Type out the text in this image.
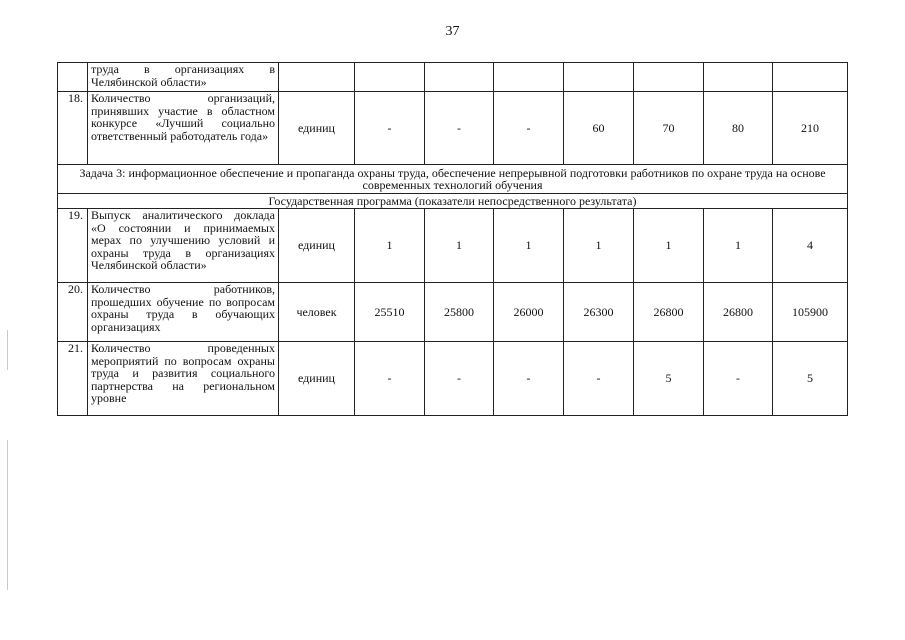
37
	труда в организациях в Челябинской области»								
18.	Количество организаций, принявших участие в областном конкурсе «Лучший социально ответственный работодатель года»	единиц	-	-	-	60	70	80	210
Задача 3: информационное обеспечение и пропаганда охраны труда, обеспечение непрерывной подготовки работников по охране труда на основе современных технологий обучения									
Государственная программа (показатели непосредственного результата)									
19.	Выпуск аналитического доклада «О состоянии и принимаемых мерах по улучшению условий и охраны труда в организациях Челябинской области»	единиц	1	1	1	1	1	1	4
20.	Количество работников, прошедших обучение по вопросам охраны труда в обучающих организациях	человек	25510	25800	26000	26300	26800	26800	105900
21.	Количество проведенных мероприятий по вопросам охраны труда и развития социального партнерства на региональном уровне	единиц	-	-	-	-	5	-	5
